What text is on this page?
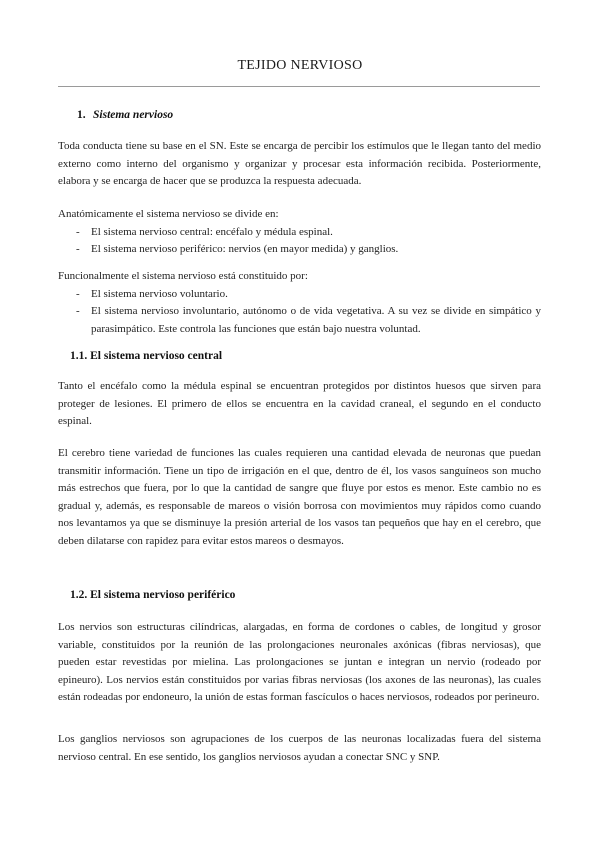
TEJIDO NERVIOSO
1. Sistema nervioso

Toda conducta tiene su base en el SN. Este se encarga de percibir los estímulos que le llegan tanto del medio externo como interno del organismo y organizar y procesar esta información recibida. Posteriormente, elabora y se encarga de hacer que se produzca la respuesta adecuada.

Anatómicamente el sistema nervioso se divide en:

- El sistema nervioso central: encéfalo y médula espinal.
- El sistema nervioso periférico: nervios (en mayor medida) y ganglios.

Funcionalmente el sistema nervioso está constituido por:

- El sistema nervioso voluntario.
- El sistema nervioso involuntario, autónomo o de vida vegetativa. A su vez se divide en simpático y parasimpático. Este controla las funciones que están bajo nuestra voluntad.
1.1. El sistema nervioso central

Tanto el encéfalo como la médula espinal se encuentran protegidos por distintos huesos que sirven para proteger de lesiones. El primero de ellos se encuentra en la cavidad craneal, el segundo en el conducto espinal.

El cerebro tiene variedad de funciones las cuales requieren una cantidad elevada de neuronas que puedan transmitir información. Tiene un tipo de irrigación en el que, dentro de él, los vasos sanguíneos son mucho más estrechos que fuera, por lo que la cantidad de sangre que fluye por estos es menor. Este cambio no es gradual y, además, es responsable de mareos o visión borrosa con movimientos muy rápidos como cuando nos levantamos ya que se disminuye la presión arterial de los vasos tan pequeños que hay en el cerebro, que deben dilatarse con rapidez para evitar estos mareos o desmayos.

1.2. El sistema nervioso periférico

Los nervios son estructuras cilíndricas, alargadas, en forma de cordones o cables, de longitud y grosor variable, constituidos por la reunión de las prolongaciones neuronales axónicas (fibras nerviosas), que pueden estar revestidas por mielina. Las prolongaciones se juntan e integran un nervio (rodeado por epineuro). Los nervios están constituidos por varias fibras nerviosas (los axones de las neuronas), las cuales están rodeadas por endoneuro, la unión de estas forman fascículos o haces nerviosos, rodeados por perineuro.

Los ganglios nerviosos son agrupaciones de los cuerpos de las neuronas localizadas fuera del sistema nervioso central. En ese sentido, los ganglios nerviosos ayudan a conectar SNC y SNP.
